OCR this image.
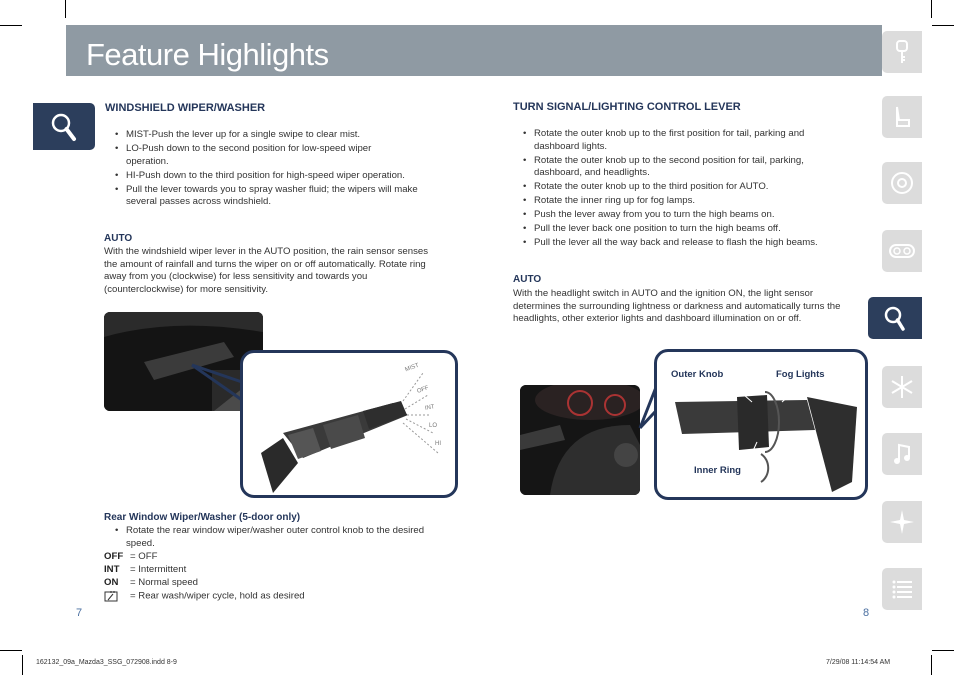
Feature Highlights
WINDSHIELD WIPER/WASHER
• MIST-Push the lever up for a single swipe to clear mist.
• LO-Push down to the second position for low-speed wiper operation.
• HI-Push down to the third position for high-speed wiper operation.
• Pull the lever towards you to spray washer fluid; the wipers will make several passes across windshield.
AUTO
With the windshield wiper lever in the AUTO position, the rain sensor senses the amount of rainfall and turns the wiper on or off automatically. Rotate ring away from you (clockwise) for less sensitivity and towards you (counterclockwise) for more sensitivity.
MIST
OFF
INT
LO
HI
Rear Window Wiper/Washer (5-door only)
• Rotate the rear window wiper/washer outer control knob to the desired speed.
OFF = OFF
INT = Intermittent
ON = Normal speed
= Rear wash/wiper cycle, hold as desired
7
TURN SIGNAL/LIGHTING CONTROL LEVER
• Rotate the outer knob up to the first position for tail, parking and dashboard lights.
• Rotate the outer knob up to the second position for tail, parking, dashboard, and headlights.
• Rotate the outer knob up to the third position for AUTO.
• Rotate the inner ring up for fog lamps.
• Push the lever away from you to turn the high beams on.
• Pull the lever back one position to turn the high beams off.
• Pull the lever all the way back and release to flash the high beams.
AUTO
With the headlight switch in AUTO and the ignition ON, the light sensor determines the surrounding lightness or darkness and automatically turns the headlights, other exterior lights and dashboard illumination on or off.
Outer Knob	Fog Lights
Inner Ring
8
162132_09a_Mazda3_SSG_072908.indd 8-9	7/29/08 11:14:54 AM
